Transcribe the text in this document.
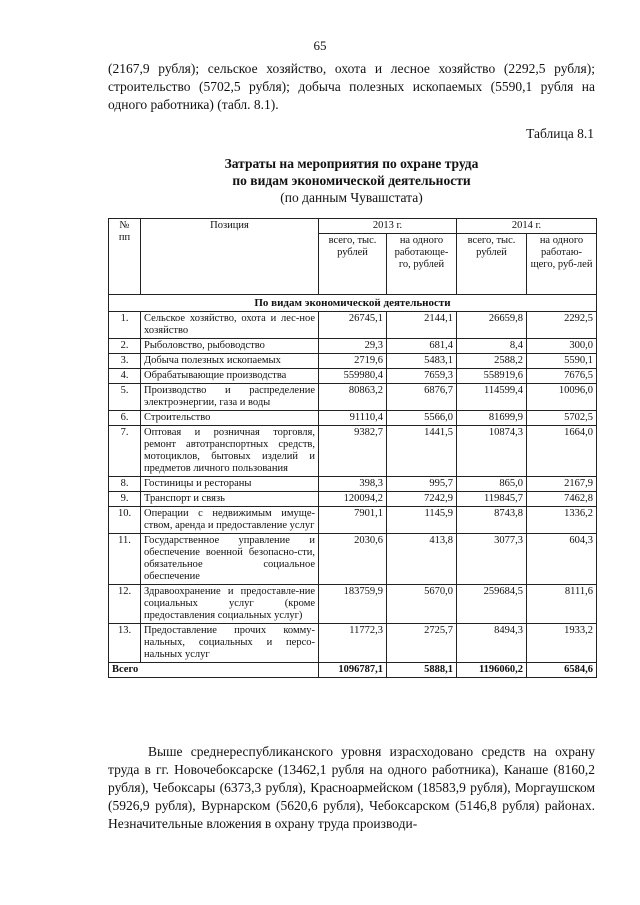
65
(2167,9 рубля); сельское хозяйство, охота и лесное хозяйство (2292,5 рубля); строительство (5702,5 рубля); добыча полезных ископаемых (5590,1 рубля на одного работника) (табл. 8.1).
Таблица 8.1
Затраты на мероприятия по охране труда
по видам экономической деятельности
(по данным Чувашстата)
№
пп	Позиция	2013 г.		2014 г.	
		всего, тыс. рублей	на одного работающе-го, рублей	всего, тыс. рублей	на одного работаю-щего, руб-лей
По видам экономической деятельности					
1.	Сельское хозяйство, охота и лес-ное хозяйство	26745,1	2144,1	26659,8	2292,5
2.	Рыболовство, рыбоводство	29,3	681,4	8,4	300,0
3.	Добыча полезных ископаемых	2719,6	5483,1	2588,2	5590,1
4.	Обрабатывающие производства	559980,4	7659,3	558919,6	7676,5
5.	Производство и распределение электроэнергии, газа и воды	80863,2	6876,7	114599,4	10096,0
6.	Строительство	91110,4	5566,0	81699,9	5702,5
7.	Оптовая и розничная торговля, ремонт автотранспортных средств, мотоциклов, бытовых изделий и предметов личного пользования	9382,7	1441,5	10874,3	1664,0
8.	Гостиницы и рестораны	398,3	995,7	865,0	2167,9
9.	Транспорт и связь	120094,2	7242,9	119845,7	7462,8
10.	Операции с недвижимым имуще-ством, аренда и предоставление услуг	7901,1	1145,9	8743,8	1336,2
11.	Государственное управление и обеспечение военной безопасно-сти, обязательное социальное обеспечение	2030,6	413,8	3077,3	604,3
12.	Здравоохранение и предоставле-ние социальных услуг (кроме предоставления социальных услуг)	183759,9	5670,0	259684,5	8111,6
13.	Предоставление прочих комму-нальных, социальных и персо-нальных услуг	11772,3	2725,7	8494,3	1933,2
Всего		1096787,1	5888,1	1196060,2	6584,6
Выше среднереспубликанского уровня израсходовано средств на охрану труда в гг. Новочебоксарске (13462,1 рубля на одного работника), Канаше (8160,2 рубля), Чебоксары (6373,3 рубля), Красноармейском (18583,9 рубля), Моргаушском (5926,9 рубля), Вурнарском (5620,6 рубля), Чебоксарском (5146,8 рубля) районах. Незначительные вложения в охрану труда производи-
